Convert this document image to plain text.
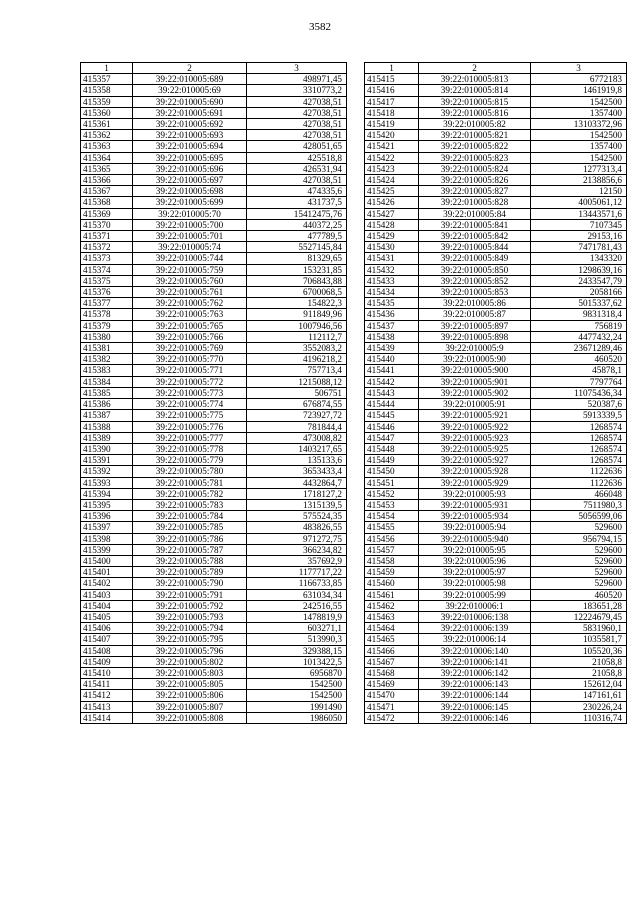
3582
1	2	3
415357	39:22:010005:689	498971,45
415358	39:22:010005:69	3310773,2
415359	39:22:010005:690	427038,51
415360	39:22:010005:691	427038,51
415361	39:22:010005:692	427038,51
415362	39:22:010005:693	427038,51
415363	39:22:010005:694	428051,65
415364	39:22:010005:695	425518,8
415365	39:22:010005:696	426531,94
415366	39:22:010005:697	427038,51
415367	39:22:010005:698	474335,6
415368	39:22:010005:699	431737,5
415369	39:22:010005:70	15412475,76
415370	39:22:010005:700	440372,25
415371	39:22:010005:701	477789,5
415372	39:22:010005:74	5527145,84
415373	39:22:010005:744	81329,65
415374	39:22:010005:759	153231,85
415375	39:22:010005:760	706843,88
415376	39:22:010005:761	6700068,5
415377	39:22:010005:762	154822,3
415378	39:22:010005:763	911849,96
415379	39:22:010005:765	1007946,56
415380	39:22:010005:766	112112,7
415381	39:22:010005:769	3552083,2
415382	39:22:010005:770	4196218,2
415383	39:22:010005:771	757713,4
415384	39:22:010005:772	1215088,12
415385	39:22:010005:773	506751
415386	39:22:010005:774	676874,55
415387	39:22:010005:775	723927,72
415388	39:22:010005:776	781844,4
415389	39:22:010005:777	473008,82
415390	39:22:010005:778	1403217,65
415391	39:22:010005:779	135133,6
415392	39:22:010005:780	3653433,4
415393	39:22:010005:781	4432864,7
415394	39:22:010005:782	1718127,2
415395	39:22:010005:783	1315139,5
415396	39:22:010005:784	575524,35
415397	39:22:010005:785	483826,55
415398	39:22:010005:786	971272,75
415399	39:22:010005:787	366234,82
415400	39:22:010005:788	357692,9
415401	39:22:010005:789	1177717,22
415402	39:22:010005:790	1166733,85
415403	39:22:010005:791	631034,34
415404	39:22:010005:792	242516,55
415405	39:22:010005:793	1478819,9
415406	39:22:010005:794	603271,1
415407	39:22:010005:795	513990,3
415408	39:22:010005:796	329388,15
415409	39:22:010005:802	1013422,5
415410	39:22:010005:803	6956870
415411	39:22:010005:805	1542500
415412	39:22:010005:806	1542500
415413	39:22:010005:807	1991490
415414	39:22:010005:808	1986050
1	2	3
415415	39:22:010005:813	6772183
415416	39:22:010005:814	1461919,8
415417	39:22:010005:815	1542500
415418	39:22:010005:816	1357400
415419	39:22:010005:82	13103372,96
415420	39:22:010005:821	1542500
415421	39:22:010005:822	1357400
415422	39:22:010005:823	1542500
415423	39:22:010005:824	1277313,4
415424	39:22:010005:826	2138856,6
415425	39:22:010005:827	12150
415426	39:22:010005:828	4005061,12
415427	39:22:010005:84	13443571,6
415428	39:22:010005:841	7107345
415429	39:22:010005:842	29153,16
415430	39:22:010005:844	7471781,43
415431	39:22:010005:849	1343320
415432	39:22:010005:850	1298639,16
415433	39:22:010005:852	2433547,79
415434	39:22:010005:853	2058166
415435	39:22:010005:86	5015337,62
415436	39:22:010005:87	9831318,4
415437	39:22:010005:897	756819
415438	39:22:010005:898	4477432,24
415439	39:22:010005:9	23671289,46
415440	39:22:010005:90	460520
415441	39:22:010005:900	45878,1
415442	39:22:010005:901	7797764
415443	39:22:010005:902	11075436,34
415444	39:22:010005:91	520387,6
415445	39:22:010005:921	5913339,5
415446	39:22:010005:922	1268574
415447	39:22:010005:923	1268574
415448	39:22:010005:925	1268574
415449	39:22:010005:927	1268574
415450	39:22:010005:928	1122636
415451	39:22:010005:929	1122636
415452	39:22:010005:93	466048
415453	39:22:010005:931	7511980,3
415454	39:22:010005:934	5056599,06
415455	39:22:010005:94	529600
415456	39:22:010005:940	956794,15
415457	39:22:010005:95	529600
415458	39:22:010005:96	529600
415459	39:22:010005:97	529600
415460	39:22:010005:98	529600
415461	39:22:010005:99	460520
415462	39:22:010006:1	183651,28
415463	39:22:010006:138	12224679,45
415464	39:22:010006:139	5831960,1
415465	39:22:010006:14	1035581,7
415466	39:22:010006:140	105520,36
415467	39:22:010006:141	21058,8
415468	39:22:010006:142	21058,8
415469	39:22:010006:143	152612,04
415470	39:22:010006:144	147161,61
415471	39:22:010006:145	230226,24
415472	39:22:010006:146	110316,74
